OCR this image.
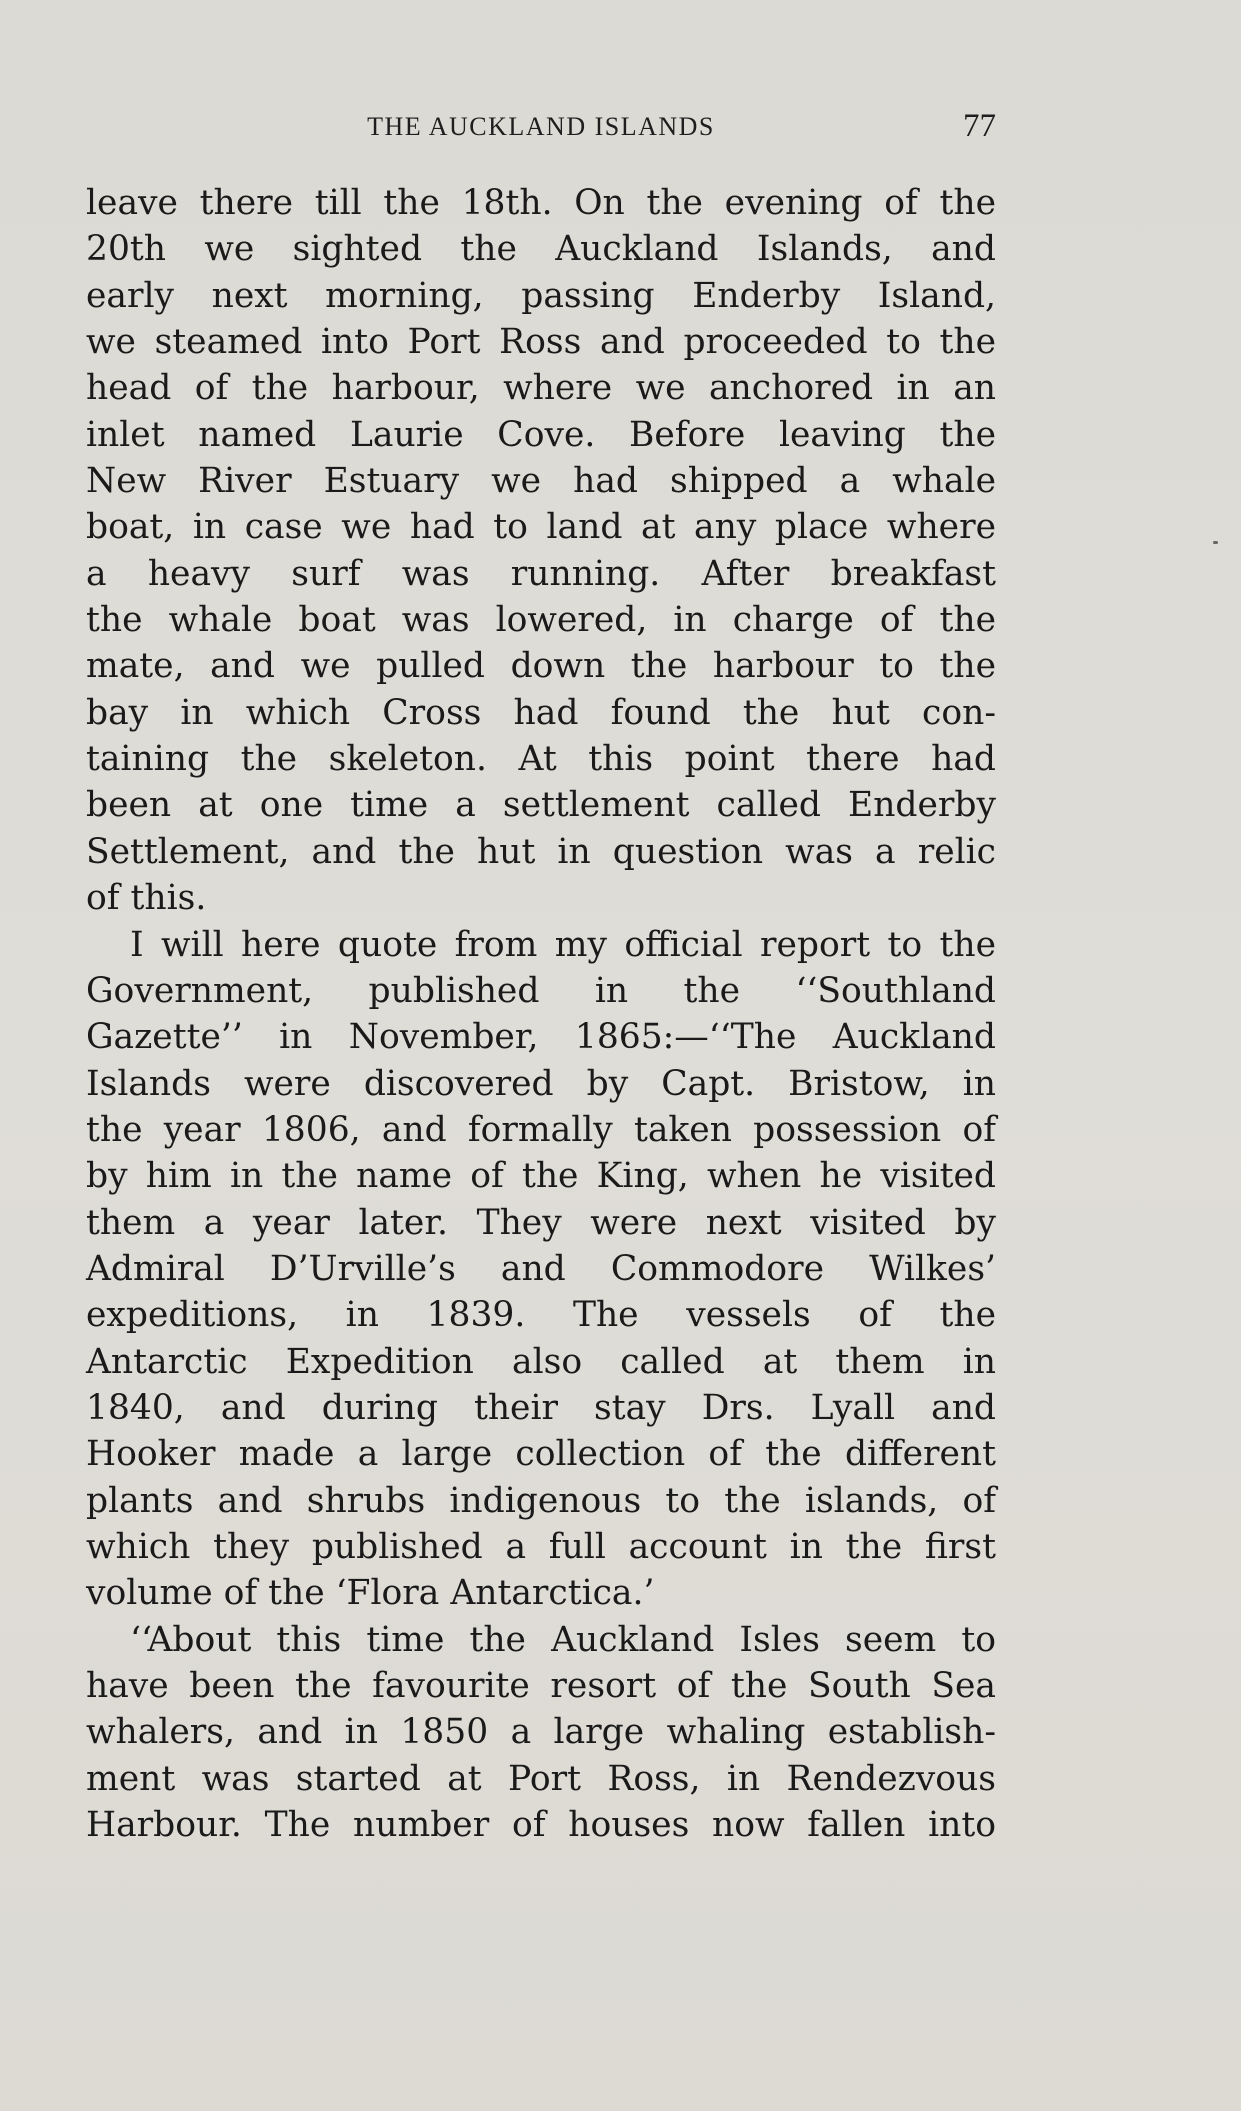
THE AUCKLAND ISLANDS	77
leave there till the 18th. On the evening of the
20th we sighted the Auckland Islands, and
early next morning, passing Enderby Island,
we steamed into Port Ross and proceeded to the
head of the harbour, where we anchored in an
inlet named Laurie Cove. Before leaving the
New River Estuary we had shipped a whale
boat, in case we had to land at any place where
a heavy surf was running. After breakfast
the whale boat was lowered, in charge of the
mate, and we pulled down the harbour to the
bay in which Cross had found the hut con-
taining the skeleton. At this point there had
been at one time a settlement called Enderby
Settlement, and the hut in question was a relic
of this.
I will here quote from my official report to the
Government, published in the ‘‘Southland
Gazette’’ in November, 1865:—‘‘The Auckland
Islands were discovered by Capt. Bristow, in
the year 1806, and formally taken possession of
by him in the name of the King, when he visited
them a year later. They were next visited by
Admiral D’Urville’s and Commodore Wilkes’
expeditions, in 1839. The vessels of the
Antarctic Expedition also called at them in
1840, and during their stay Drs. Lyall and
Hooker made a large collection of the different
plants and shrubs indigenous to the islands, of
which they published a full account in the first
volume of the ‘Flora Antarctica.’
‘‘About this time the Auckland Isles seem to
have been the favourite resort of the South Sea
whalers, and in 1850 a large whaling establish-
ment was started at Port Ross, in Rendezvous
Harbour. The number of houses now fallen into
